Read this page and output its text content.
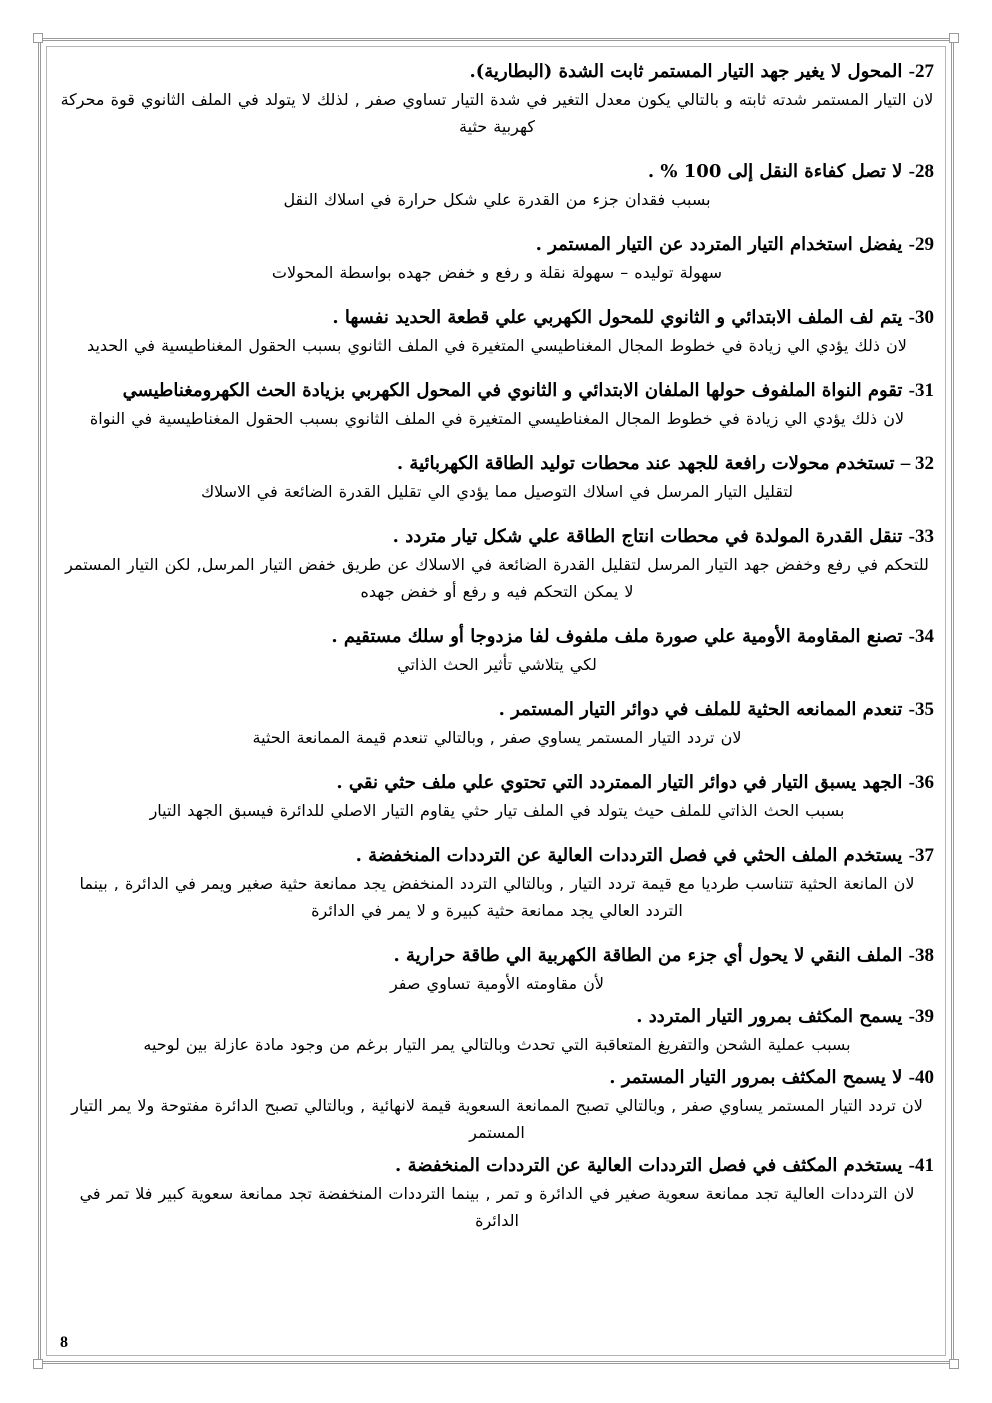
27- المحول لا يغير جهد التيار المستمر ثابت الشدة (البطارية).

لان التيار المستمر شدته ثابته و بالتالي يكون معدل التغير في شدة التيار تساوي صفر , لذلك لا يتولد في الملف الثانوي قوة محركة كهربية حثية

28- لا تصل كفاءة النقل إلى 100 % .

بسبب فقدان جزء من القدرة علي شكل حرارة في اسلاك النقل

29- يفضل استخدام التيار المتردد عن التيار المستمر .

سهولة توليده – سهولة نقلة و رفع و خفض جهده بواسطة المحولات

30- يتم لف الملف الابتدائي و الثانوي للمحول الكهربي علي قطعة الحديد نفسها .

لان ذلك يؤدي الي زيادة في خطوط المجال المغناطيسي المتغيرة في الملف الثانوي بسبب الحقول المغناطيسية في الحديد

31- تقوم النواة الملفوف حولها الملفان الابتدائي و الثانوي في المحول الكهربي بزيادة الحث الكهرومغناطيسي

لان ذلك يؤدي الي زيادة في خطوط المجال المغناطيسي المتغيرة في الملف الثانوي بسبب الحقول المغناطيسية في النواة

32 – تستخدم محولات رافعة للجهد عند محطات توليد الطاقة الكهربائية .

لتقليل التيار المرسل في اسلاك التوصيل مما يؤدي الي تقليل القدرة الضائعة في الاسلاك

33- تنقل القدرة المولدة في محطات انتاج الطاقة علي شكل تيار متردد .

للتحكم في رفع وخفض جهد التيار المرسل لتقليل القدرة الضائعة في الاسلاك عن طريق خفض التيار المرسل, لكن التيار المستمر لا يمكن التحكم فيه و رفع أو خفض جهده

34- تصنع المقاومة الأومية علي صورة ملف ملفوف لفا مزدوجا أو سلك مستقيم .

لكي يتلاشي تأثير الحث الذاتي

35- تنعدم الممانعه الحثية للملف في دوائر التيار المستمر .

لان تردد التيار المستمر يساوي صفر , وبالتالي تنعدم قيمة الممانعة الحثية

36- الجهد يسبق التيار في دوائر التيار الممتردد التي تحتوي علي ملف حثي نقي .

بسبب الحث الذاتي للملف حيث يتولد في الملف تيار حثي يقاوم التيار الاصلي للدائرة فيسبق الجهد التيار

37- يستخدم الملف الحثي في فصل الترددات العالية عن الترددات المنخفضة .

لان المانعة الحثية تتناسب طرديا مع قيمة تردد التيار , وبالتالي التردد المنخفض يجد ممانعة حثية صغير ويمر في الدائرة , بينما التردد العالي يجد ممانعة حثية كبيرة و لا يمر في الدائرة

38- الملف النقي لا يحول أي جزء من الطاقة الكهربية الي طاقة حرارية .

لأن مقاومته الأومية تساوي صفر

39- يسمح المكثف بمرور التيار المتردد .

بسبب عملية الشحن والتفريغ المتعاقبة التي تحدث وبالتالي يمر التيار برغم من وجود مادة عازلة بين لوحيه

40- لا يسمح المكثف بمرور التيار المستمر .

لان تردد التيار المستمر يساوي صفر , وبالتالي تصبح الممانعة السعوية قيمة لانهائية , وبالتالي تصبح الدائرة مفتوحة ولا يمر التيار المستمر

41- يستخدم المكثف في فصل الترددات العالية عن الترددات المنخفضة .

لان الترددات العالية تجد ممانعة سعوية صغير في الدائرة و تمر , بينما الترددات المنخفضة تجد ممانعة سعوية كبير فلا تمر في الدائرة

8
